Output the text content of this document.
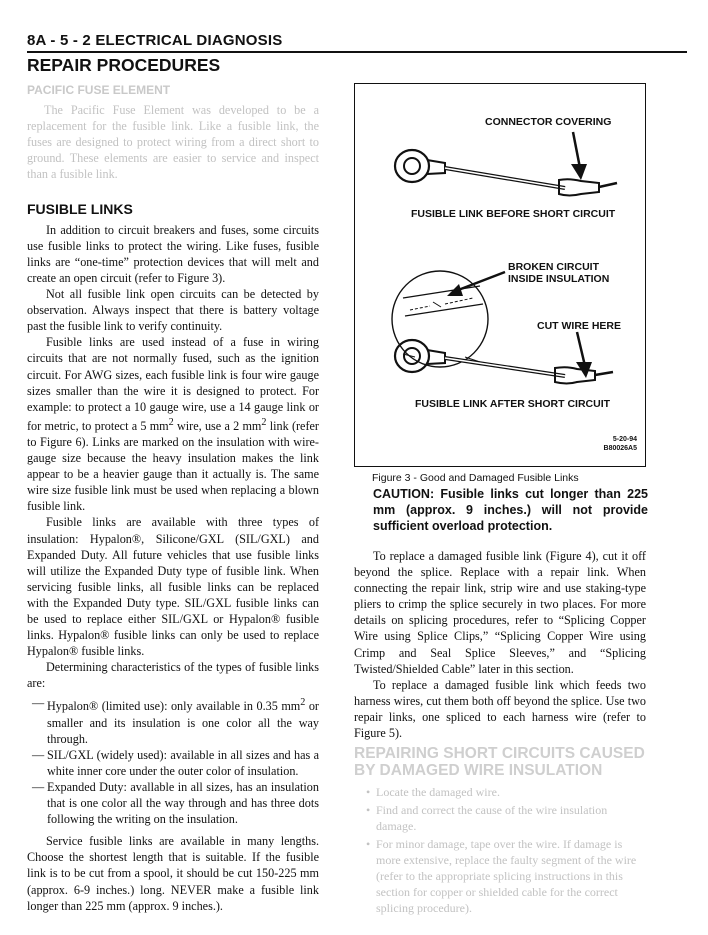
8A - 5 - 2 ELECTRICAL DIAGNOSIS
REPAIR PROCEDURES
PACIFIC FUSE ELEMENT

The Pacific Fuse Element was developed to be a replacement for the fusible link. Like a fusible link, the fuses are designed to protect wiring from a direct short to ground. These elements are easier to service and inspect than a fusible link.

FUSIBLE LINKS

In addition to circuit breakers and fuses, some circuits use fusible links to protect the wiring. Like fuses, fusible links are “one-time” protection devices that will melt and create an open circuit (refer to Figure 3).

Not all fusible link open circuits can be detected by observation. Always inspect that there is battery voltage past the fusible link to verify continuity.

Fusible links are used instead of a fuse in wiring circuits that are not normally fused, such as the ignition circuit. For AWG sizes, each fusible link is four wire gauge sizes smaller than the wire it is designed to protect. For example: to protect a 10 gauge wire, use a 14 gauge link or for metric, to protect a 5 $mm^2$ wire, use a 2 $mm^2$ link (refer to Figure 6). Links are marked on the insulation with wire-gauge size because the heavy insulation makes the link appear to be a heavier gauge than it actually is. The same wire size fusible link must be used when replacing a blown fusible link.

Fusible links are available with three types of insulation: Hypalon®, Silicone/GXL (SIL/GXL) and Expanded Duty. All future vehicles that use fusible links will utilize the Expanded Duty type of fusible link. When servicing fusible links, all fusible links can be replaced with the Expanded Duty type. SIL/GXL fusible links can be used to replace either SIL/GXL or Hypalon® fusible links. Hypalon® fusible links can only be used to replace Hypalon® fusible links.

Determining characteristics of the types of fusible links are:

— Hypalon® (limited use): only available in 0.35 $mm^2$ or smaller and its insulation is one color all the way through.
— SIL/GXL (widely used): available in all sizes and has a white inner core under the outer color of insulation.
— Expanded Duty: avallable in all sizes, has an insulation that is one color all the way through and has three dots following the writing on the insulation.

Service fusible links are available in many lengths. Choose the shortest length that is suitable. If the fusible link is to be cut from a spool, it should be cut 150-225 mm (approx. 6-9 inches.) long. NEVER make a fusible link longer than 225 mm (approx. 9 inches.).

CONNECTOR COVERING
FUSIBLE LINK BEFORE SHORT CIRCUIT
BROKEN CIRCUIT
INSIDE INSULATION
CUT WIRE HERE
FUSIBLE LINK AFTER SHORT CIRCUIT
5-20-94
B80026A5
Figure 3 - Good and Damaged Fusible Links
CAUTION: Fusible links cut longer than 225 mm (approx. 9 inches.) will not provide sufficient overload protection.

To replace a damaged fusible link (Figure 4), cut it off beyond the splice. Replace with a repair link. When connecting the repair link, strip wire and use staking-type pliers to crimp the splice securely in two places. For more details on splicing procedures, refer to “Splicing Copper Wire using Splice Clips,” “Splicing Copper Wire using Crimp and Seal Splice Sleeves,” and “Splicing Twisted/Shielded Cable” later in this section.

To replace a damaged fusible link which feeds two harness wires, cut them both off beyond the splice. Use two repair links, one spliced to each harness wire (refer to Figure 5).

REPAIRING SHORT CIRCUITS CAUSED BY DAMAGED WIRE INSULATION
• Locate the damaged wire.
• Find and correct the cause of the wire insulation damage.
• For minor damage, tape over the wire. If damage is more extensive, replace the faulty segment of the wire (refer to the appropriate splicing instructions in this section for copper or shielded cable for the correct splicing procedure).
